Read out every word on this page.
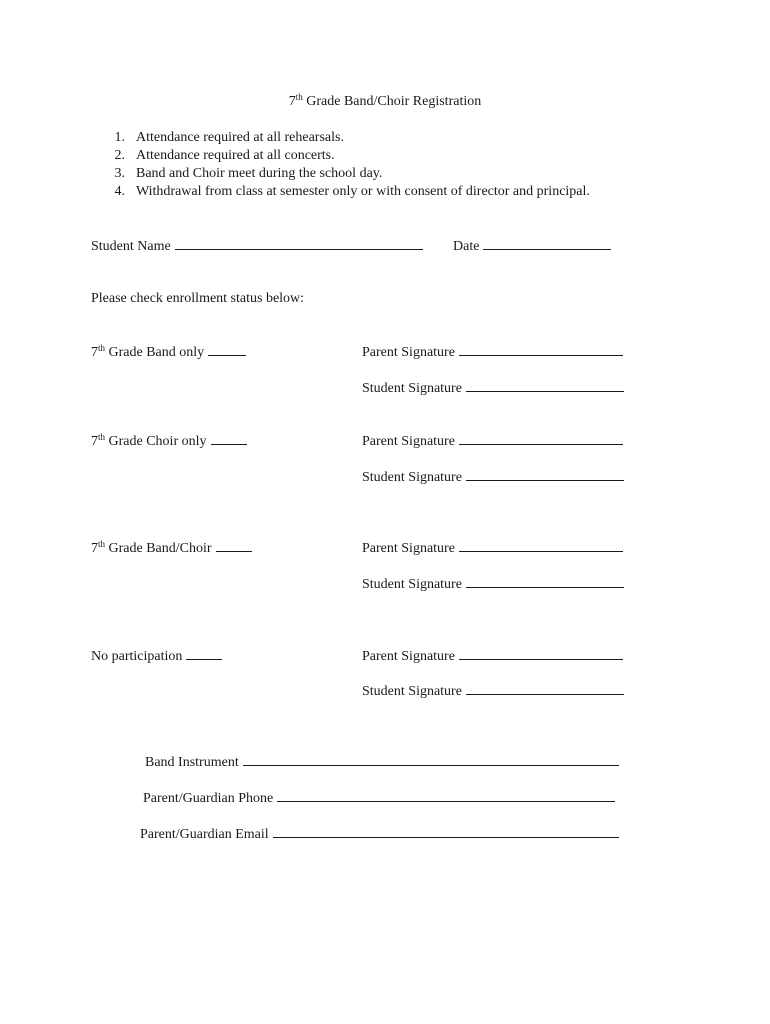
7th Grade Band/Choir Registration
1. Attendance required at all rehearsals.
2. Attendance required at all concerts.
3. Band and Choir meet during the school day.
4. Withdrawal from class at semester only or with consent of director and principal.
Student Name	Date
Please check enrollment status below:
7th Grade Band only	Parent Signature
Student Signature
7th Grade Choir only	Parent Signature
Student Signature
7th Grade Band/Choir	Parent Signature
Student Signature
No participation	Parent Signature
Student Signature
Band Instrument
Parent/Guardian Phone
Parent/Guardian Email
